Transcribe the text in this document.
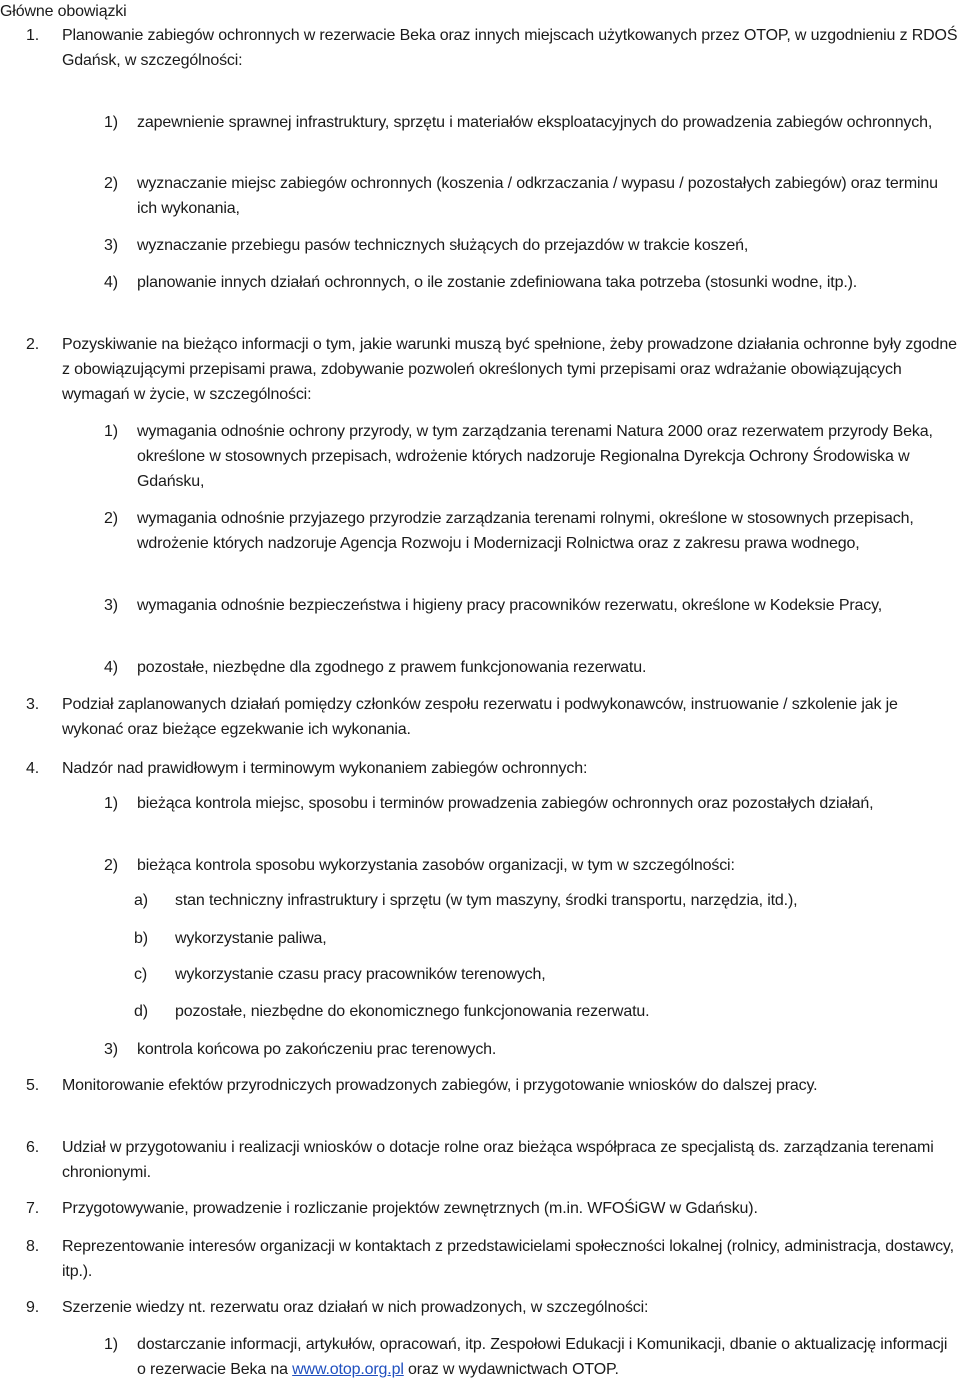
Główne obowiązki
1.	Planowanie zabiegów ochronnych w rezerwacie Beka oraz innych miejscach użytkowanych przez OTOP, w uzgodnieniu z RDOŚ Gdańsk, w szczególności:
1)	zapewnienie sprawnej infrastruktury, sprzętu i materiałów eksploatacyjnych do prowadzenia zabiegów ochronnych,
2)	wyznaczanie miejsc zabiegów ochronnych (koszenia / odkrzaczania / wypasu / pozostałych zabiegów) oraz terminu ich wykonania,
3)	wyznaczanie przebiegu pasów technicznych służących do przejazdów w trakcie koszeń,
4)	planowanie innych działań ochronnych, o ile zostanie zdefiniowana taka potrzeba (stosunki wodne, itp.).
2.	Pozyskiwanie na bieżąco informacji o tym, jakie warunki muszą być spełnione, żeby prowadzone działania ochronne były zgodne z obowiązującymi przepisami prawa, zdobywanie pozwoleń określonych tymi przepisami oraz wdrażanie obowiązujących wymagań w życie, w szczególności:
1)	wymagania odnośnie ochrony przyrody, w tym zarządzania terenami Natura 2000 oraz rezerwatem przyrody Beka, określone w stosownych przepisach, wdrożenie których nadzoruje Regionalna Dyrekcja Ochrony Środowiska w Gdańsku,
2)	wymagania odnośnie przyjazego przyrodzie zarządzania terenami rolnymi, określone w stosownych przepisach, wdrożenie których nadzoruje Agencja Rozwoju i Modernizacji Rolnictwa oraz z zakresu prawa wodnego,
3)	wymagania odnośnie bezpieczeństwa i higieny pracy pracowników rezerwatu, określone w Kodeksie Pracy,
4)	pozostałe, niezbędne dla zgodnego z prawem funkcjonowania rezerwatu.
3.	Podział zaplanowanych działań pomiędzy członków zespołu rezerwatu i podwykonawców, instruowanie / szkolenie jak je wykonać oraz bieżące egzekwanie ich wykonania.
4.	Nadzór nad prawidłowym i terminowym wykonaniem zabiegów ochronnych:
1)	bieżąca kontrola miejsc, sposobu i terminów prowadzenia zabiegów ochronnych oraz pozostałych działań,
2)	bieżąca kontrola sposobu wykorzystania zasobów organizacji, w tym w szczególności:
a)	stan techniczny infrastruktury i sprzętu (w tym maszyny, środki transportu, narzędzia, itd.),
b)	wykorzystanie paliwa,
c)	wykorzystanie czasu pracy pracowników terenowych,
d)	pozostałe, niezbędne do ekonomicznego funkcjonowania rezerwatu.
3)	kontrola końcowa po zakończeniu prac terenowych.
5.	Monitorowanie efektów przyrodniczych prowadzonych zabiegów, i przygotowanie wniosków do dalszej pracy.
6.	Udział w przygotowaniu i realizacji wniosków o dotacje rolne oraz bieżąca współpraca ze specjalistą ds. zarządzania terenami chronionymi.
7.	Przygotowywanie, prowadzenie i rozliczanie projektów zewnętrznych (m.in. WFOŚiGW w Gdańsku).
8.	Reprezentowanie interesów organizacji w kontaktach z przedstawicielami społeczności lokalnej (rolnicy, administracja, dostawcy, itp.).
9.	Szerzenie wiedzy nt. rezerwatu oraz działań w nich prowadzonych, w szczególności:
1)	dostarczanie informacji, artykułów, opracowań, itp. Zespołowi Edukacji i Komunikacji, dbanie o aktualizację informacji o rezerwacie Beka na www.otop.org.pl oraz w wydawnictwach OTOP.
